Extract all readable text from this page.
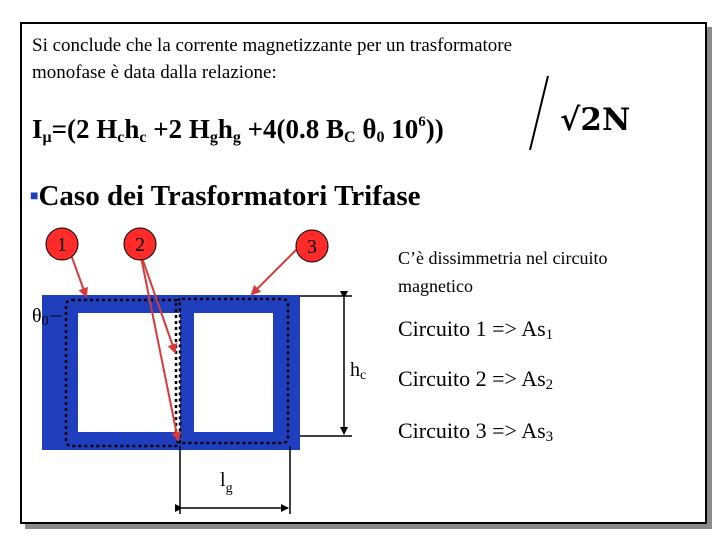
Si conclude che la corrente magnetizzante per un trasformatore
monofase è data dalla relazione:
$I_\mu=(2$ $H_ch_c +2$ $H_gh_g +4(0.8$ $B_C$ $\theta_0$ $10^6$))	√2N
■Caso dei Trasformatori Trifase
1	2	3
θ0
hc
$l_g$
C’è dissimmetria nel circuito
magnetico
Circuito $1 => As_1$
Circuito $2 => As_2$
Circuito $3 => As_3$
